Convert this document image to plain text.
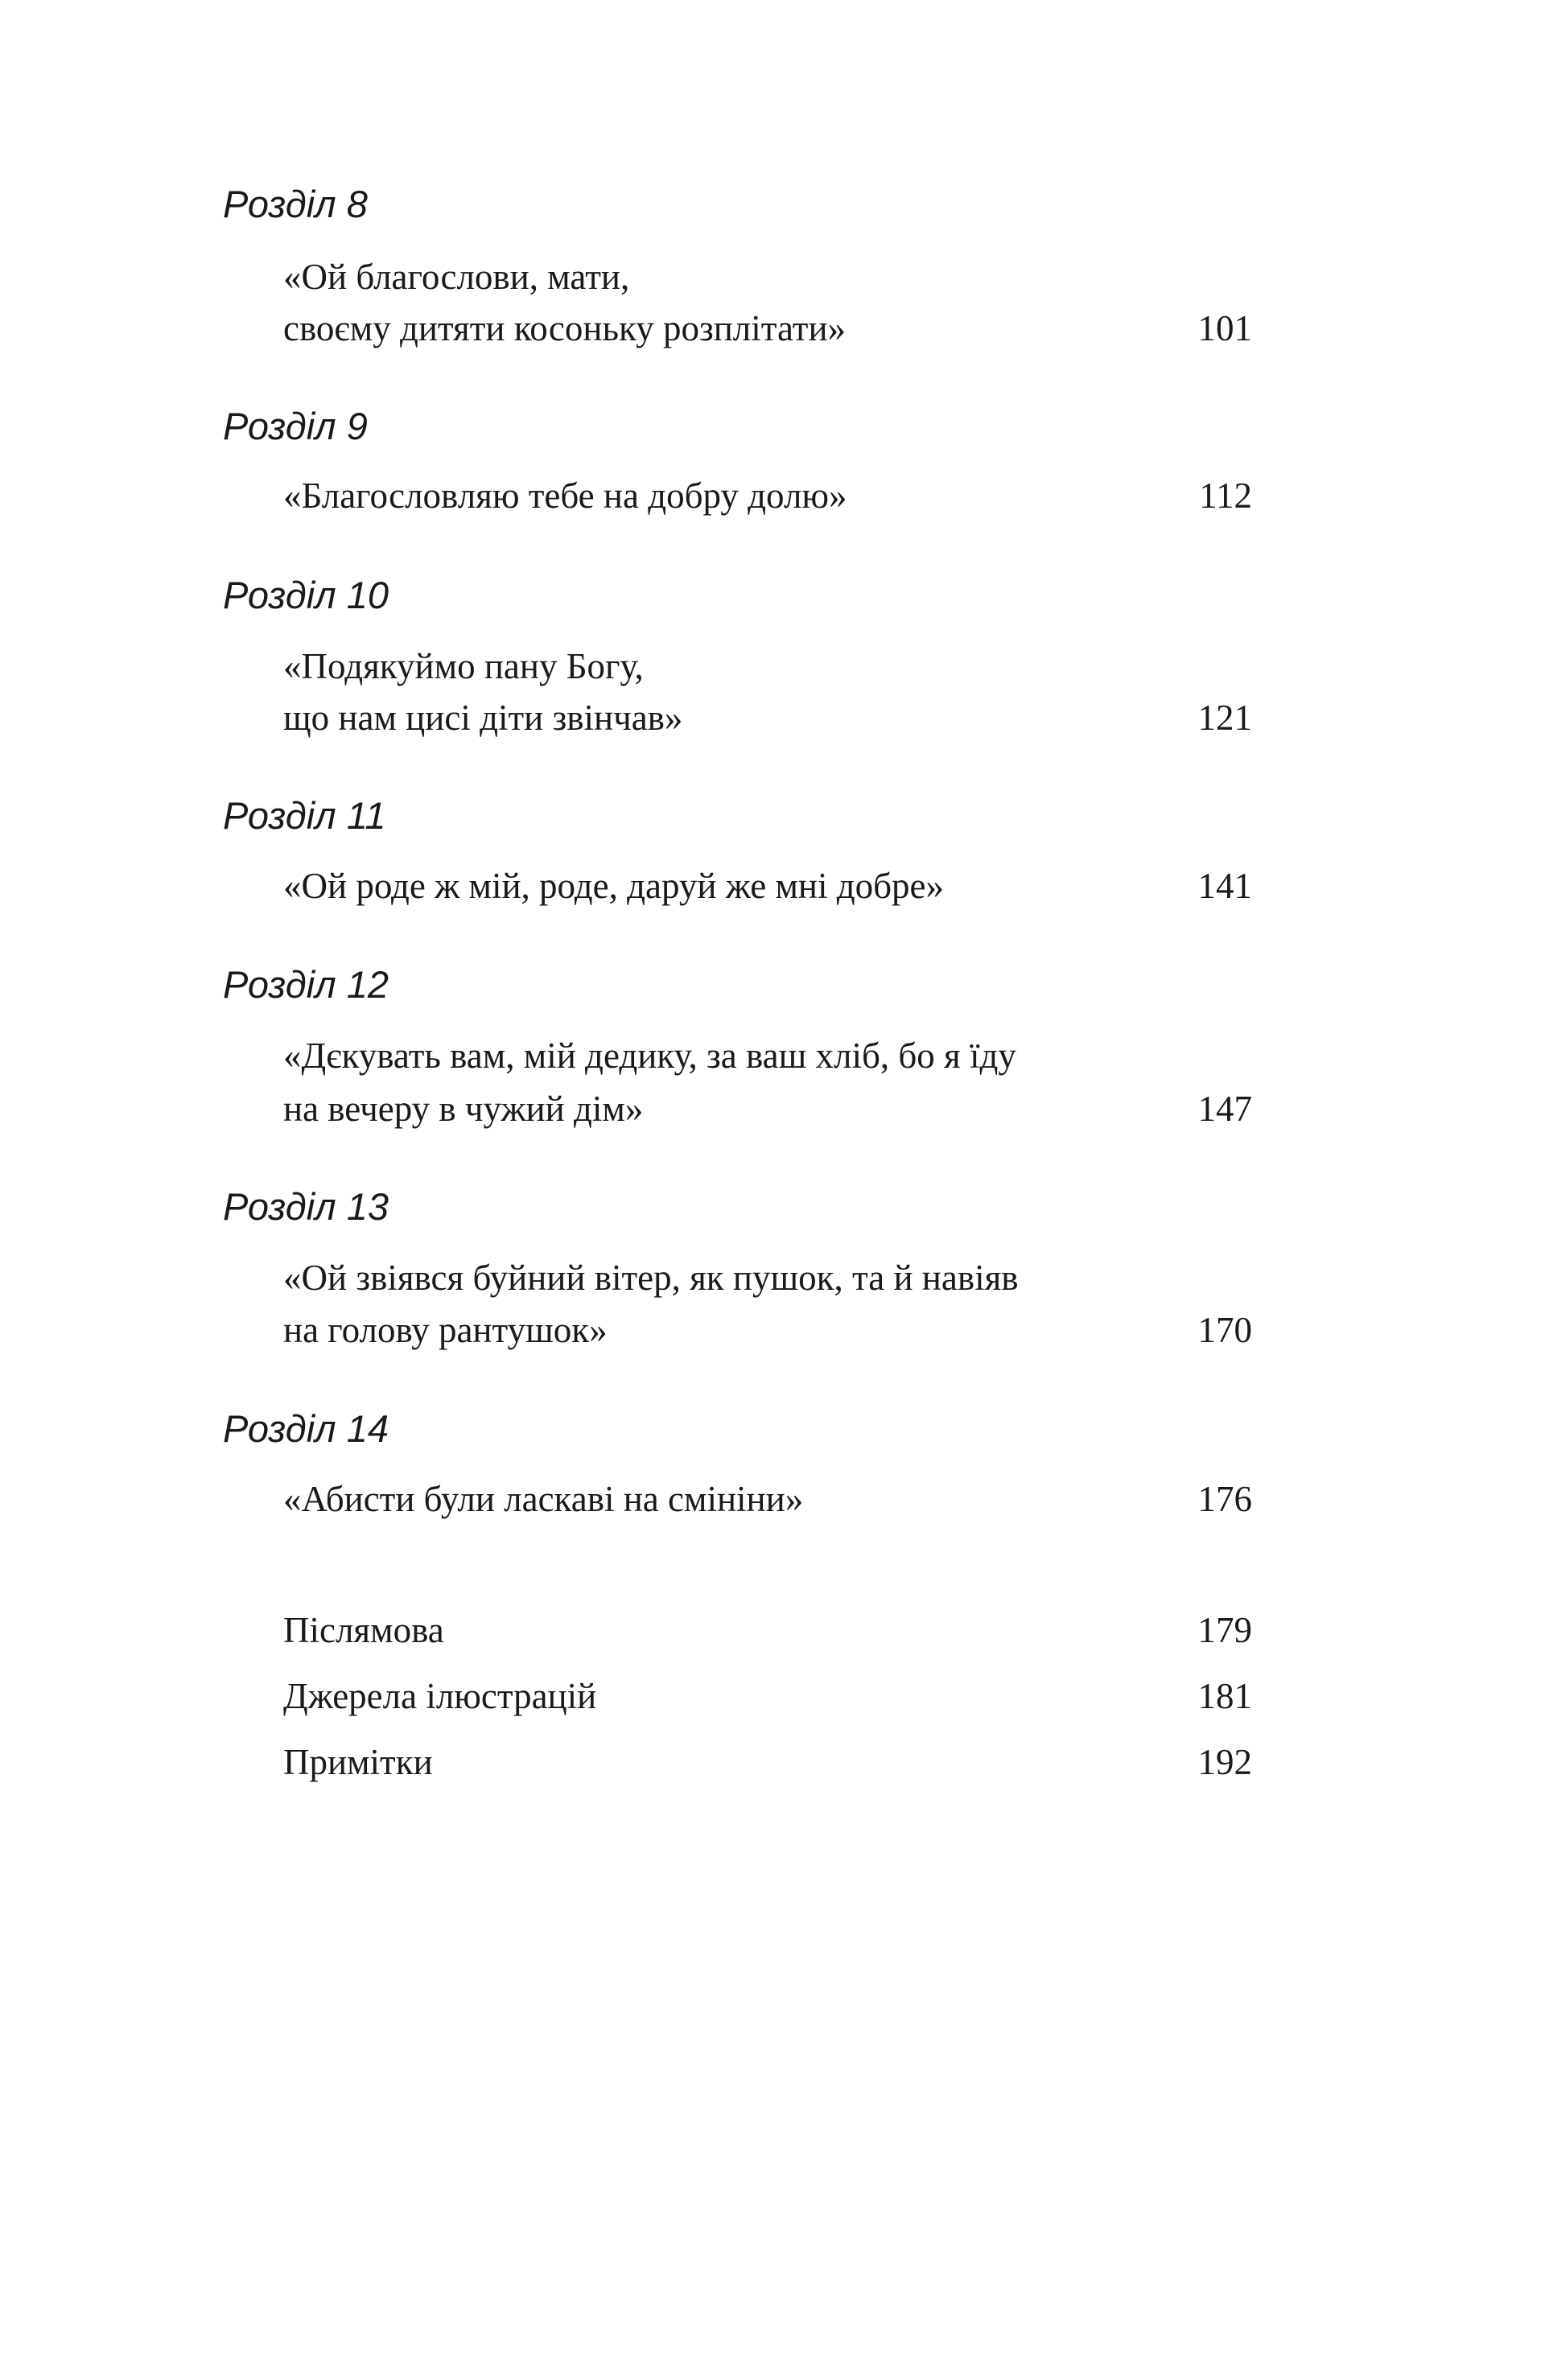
Розділ 8
«Ой благослови, мати,
своєму дитяти косоньку розплітати»	101
Розділ 9
«Благословляю тебе на добру долю»	112
Розділ 10
«Подякуймо пану Богу,
що нам цисі діти звінчав»	121
Розділ 11
«Ой роде ж мій, роде, даруй же мні добре»	141
Розділ 12
«Дєкувать вам, мій дедику, за ваш хліб, бо я їду
на вечеру в чужий дім»	147
Розділ 13
«Ой звіявся буйний вітер, як пушок, та й навіяв
на голову рантушок»	170
Розділ 14
«Абисти були ласкаві на смініни»	176
Післямова	179
Джерела ілюстрацій	181
Примітки	192
